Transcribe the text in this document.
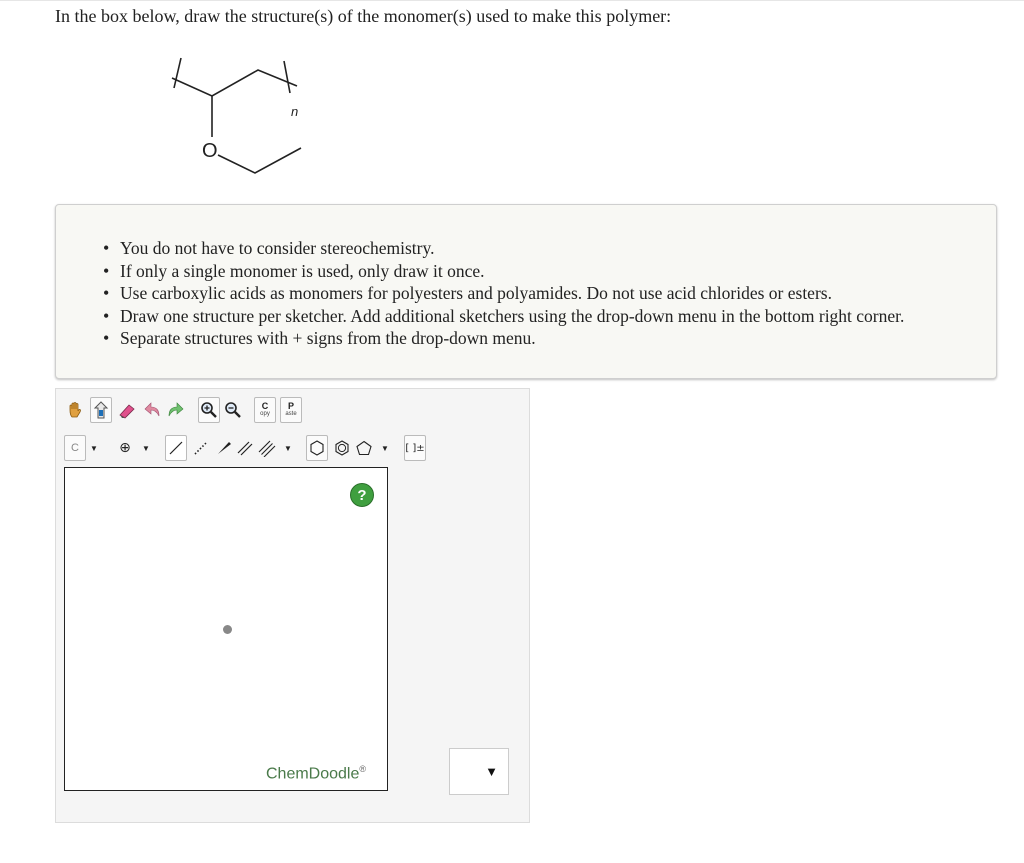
In the box below, draw the structure(s) of the monomer(s) used to make this polymer:
O
n
• You do not have to consider stereochemistry.
• If only a single monomer is used, only draw it once.
• Use carboxylic acids as monomers for polyesters and polyamides. Do not use acid chlorides or esters.
• Draw one structure per sketcher. Add additional sketchers using the drop-down menu in the bottom right corner.
• Separate structures with + signs from the drop-down menu.
C
opy
P
aste
C	▼	⊕	▼	▼	▼	[ ]±
?
ChemDoodle®	▼
